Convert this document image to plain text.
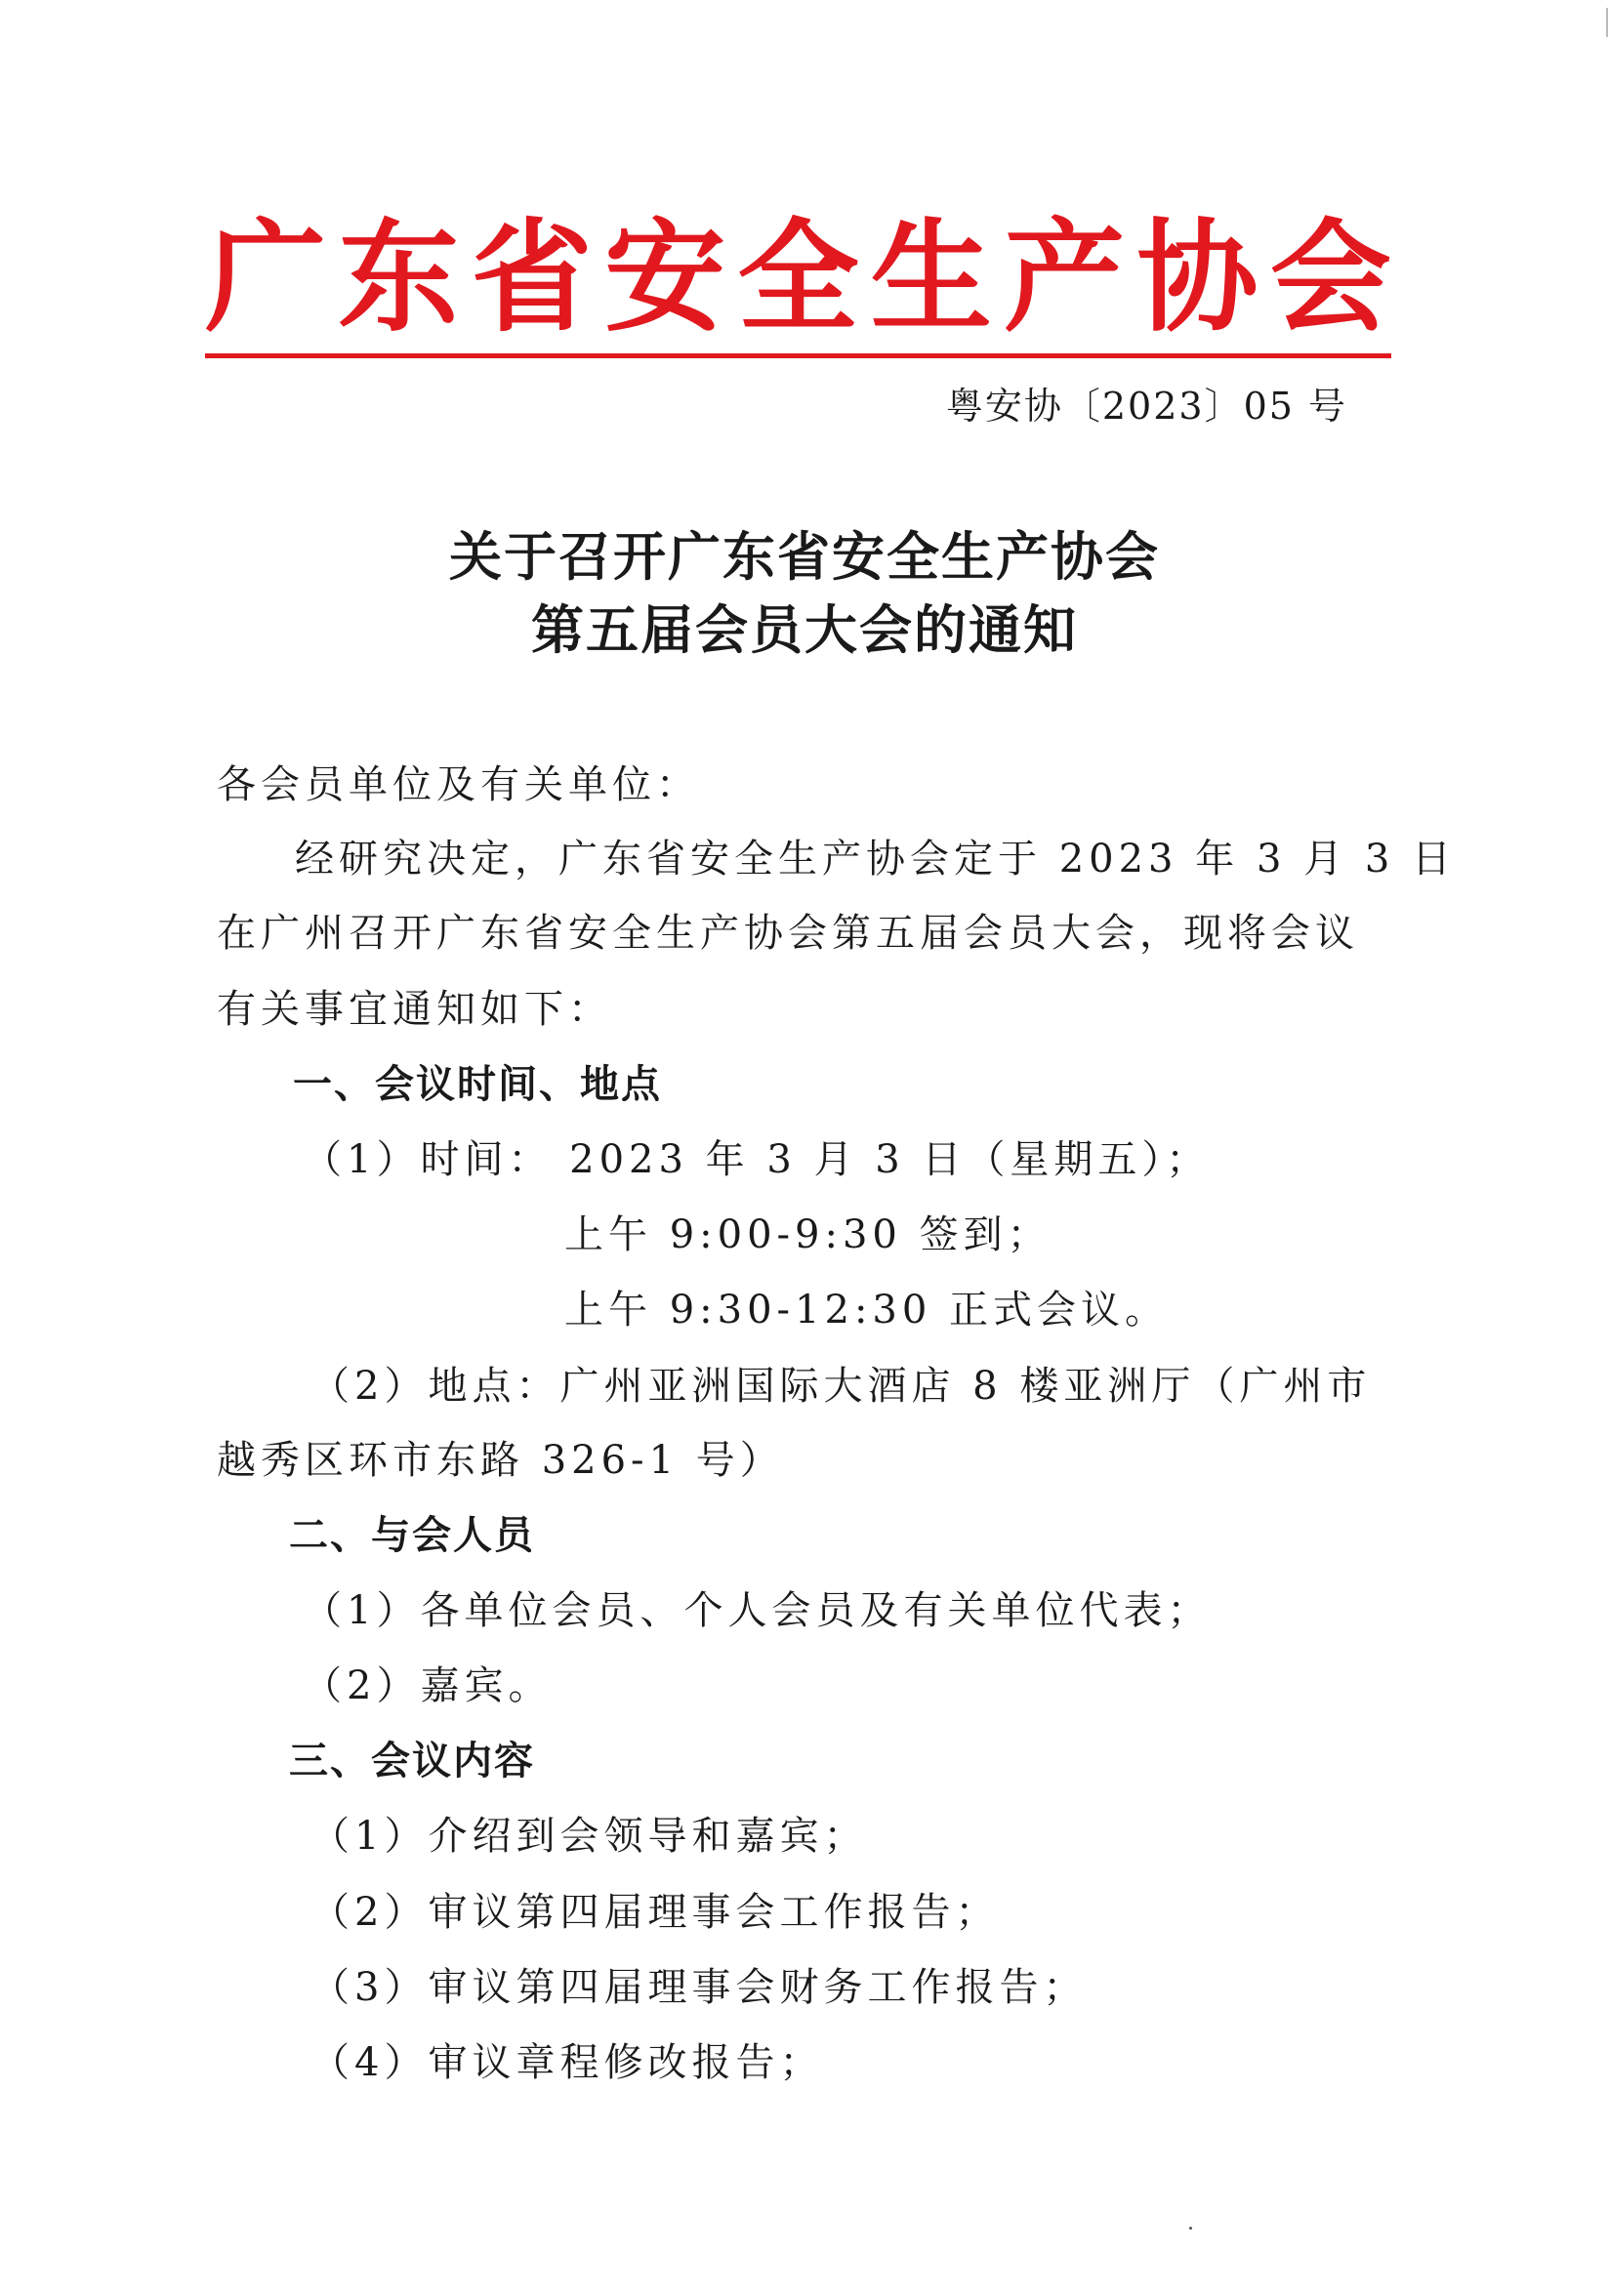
广 东 省 安 全 生 产 协 会
粤安协〔2023〕05 号
关于召开广东省安全生产协会
第五届会员大会的通知
各会员单位及有关单位：
经研究决定，广东省安全生产协会定于 2023 年 3 月 3 日
在广州召开广东省安全生产协会第五届会员大会，现将会议
有关事宜通知如下：
一、会议时间、地点
（1）时间： 2023 年 3 月 3 日（星期五）；
上午 9:00-9:30 签到；
上午 9:30-12:30 正式会议。
（2）地点：广州亚洲国际大酒店 8 楼亚洲厅（广州市
越秀区环市东路 326-1 号）
二、与会人员
（1）各单位会员、个人会员及有关单位代表；
（2）嘉宾。
三、会议内容
（1）介绍到会领导和嘉宾；
（2）审议第四届理事会工作报告；
（3）审议第四届理事会财务工作报告；
（4）审议章程修改报告；
